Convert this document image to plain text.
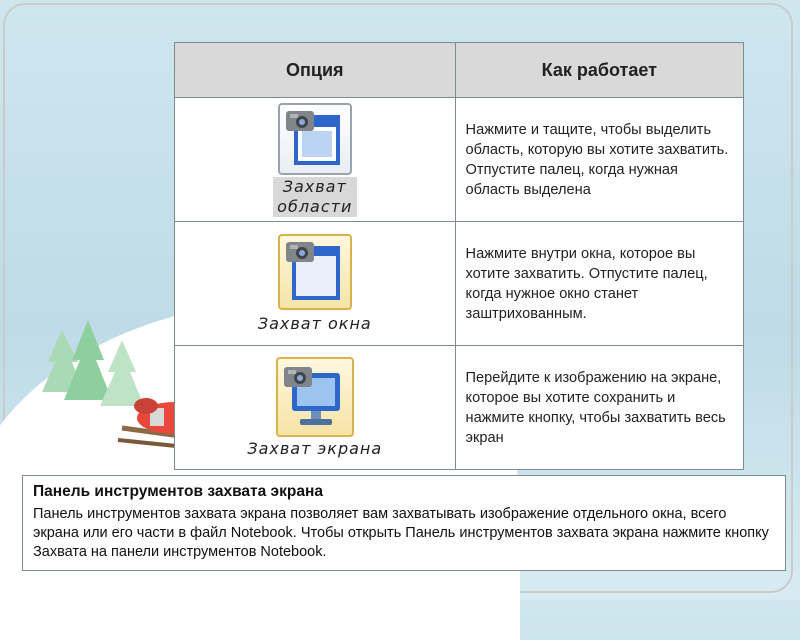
Опция	Как работает

Захват области	Нажмите и тащите, чтобы выделить область, которую вы хотите захватить. Отпустите палец, когда нужная область выделена

Захват окна	Нажмите внутри окна, которое вы хотите захватить. Отпустите палец, когда нужное окно станет заштрихованным.

Захват экрана	Перейдите к изображению на экране, которое вы хотите сохранить и нажмите кнопку, чтобы захватить весь экран
Панель инструментов захвата экрана
Панель инструментов захвата экрана позволяет вам захватывать изображение отдельного окна, всего экрана или его части в файл Notebook. Чтобы открыть Панель инструментов захвата экрана нажмите кнопку Захвата на панели инструментов Notebook.
